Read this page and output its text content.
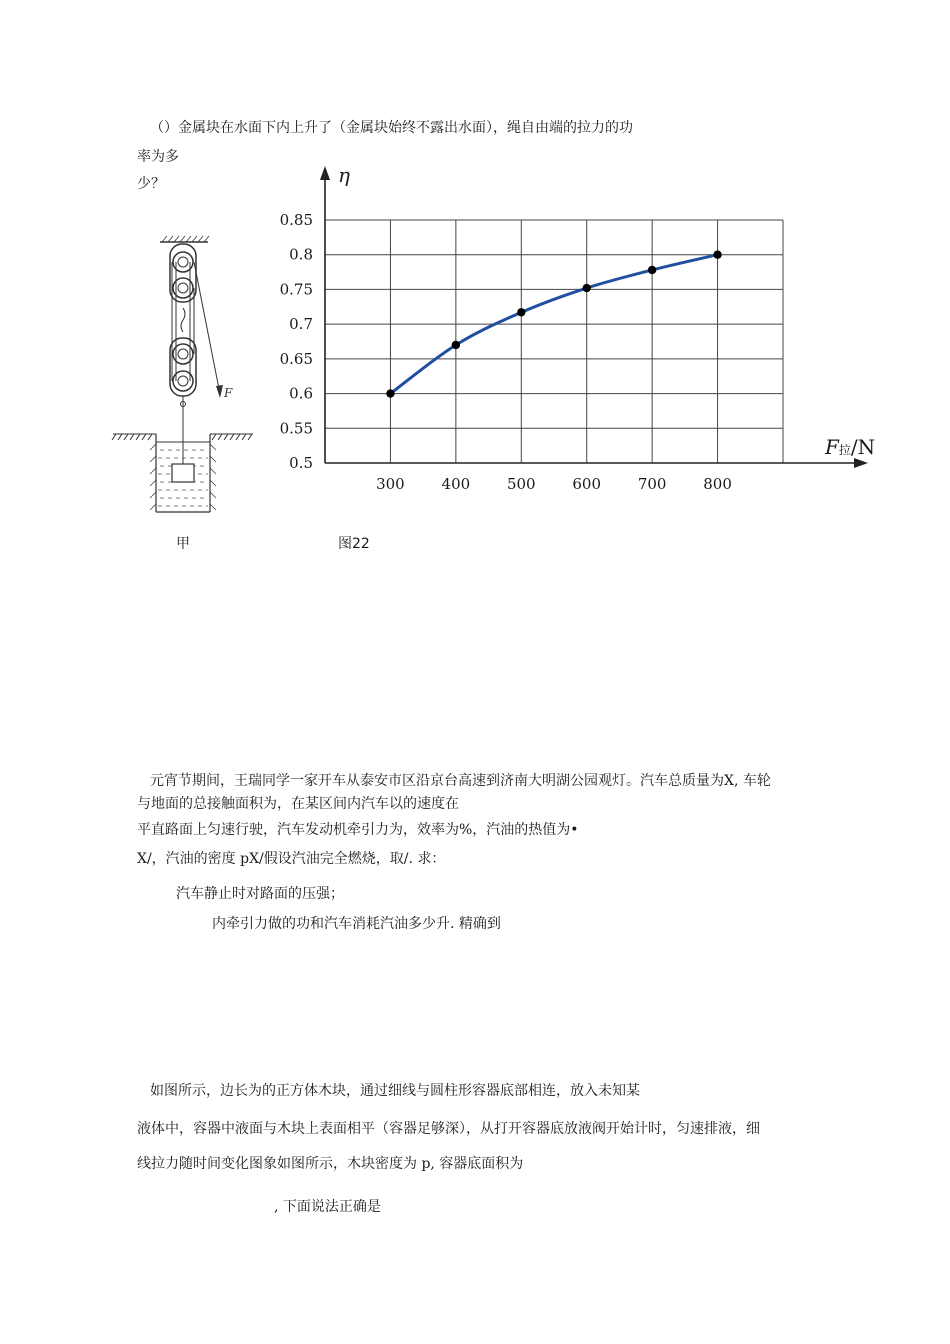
（）金属块在水面下内上升了（金属块始终不露出水面），绳自由端的拉力的功
率为多
少？
F
0.5
0.55
0.6
0.65
0.7
0.75
0.8
0.85
300 400 500 600 700 800
η
F拉/N
甲	图22
元宵节期间，王瑞同学一家开车从泰安市区沿京台高速到济南大明湖公园观灯。汽车总质量为X, 车轮
与地面的总接触面积为，在某区间内汽车以的速度在
平直路面上匀速行驶，汽车发动机牵引力为，效率为%，汽油的热值为•
X/，汽油的密度 pX/假设汽油完全燃烧，取/. 求：
汽车静止时对路面的压强；
内牵引力做的功和汽车消耗汽油多少升. 精确到
如图所示，边长为的正方体木块，通过细线与圆柱形容器底部相连，放入未知某
液体中，容器中液面与木块上表面相平（容器足够深），从打开容器底放液阀开始计时，匀速排液，细
线拉力随时间变化图象如图所示，木块密度为 p, 容器底面积为
, 下面说法正确是
